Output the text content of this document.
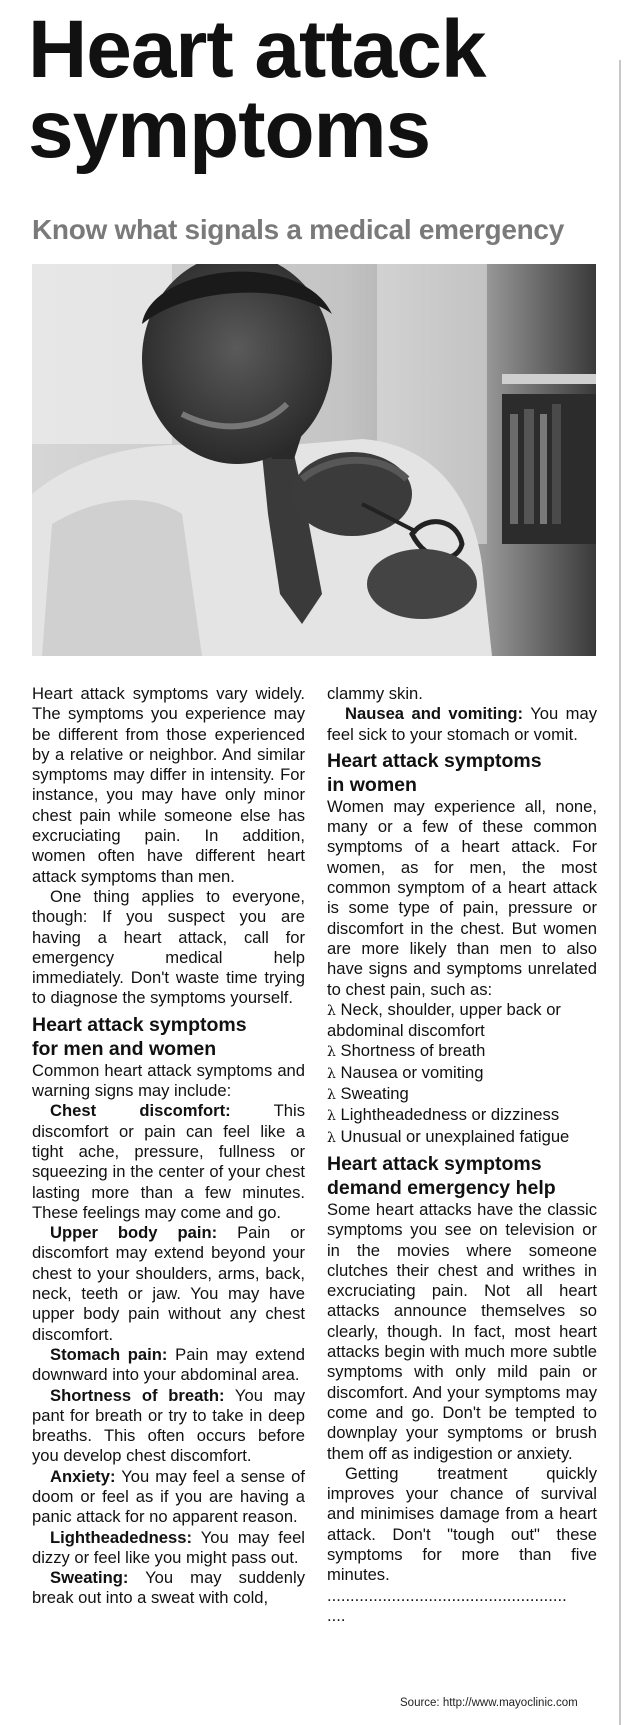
Heart attack
symptoms
Know what signals a medical emergency

Heart attack symptoms vary widely. The symptoms you experience may be different from those experienced by a relative or neighbor. And similar symptoms may differ in intensity. For instance, you may have only minor chest pain while someone else has excruciating pain. In addition, women often have different heart attack symptoms than men.

One thing applies to everyone, though: If you suspect you are having a heart attack, call for emergency medical help immediately. Don't waste time trying to diagnose the symptoms yourself.

Heart attack symptoms
for men and women

Common heart attack symptoms and warning signs may include:

Chest discomfort: This discomfort or pain can feel like a tight ache, pressure, fullness or squeezing in the center of your chest lasting more than a few minutes. These feelings may come and go.

Upper body pain: Pain or discomfort may extend beyond your chest to your shoulders, arms, back, neck, teeth or jaw. You may have upper body pain without any chest discomfort.

Stomach pain: Pain may extend downward into your abdominal area.

Shortness of breath: You may pant for breath or try to take in deep breaths. This often occurs before you develop chest discomfort.

Anxiety: You may feel a sense of doom or feel as if you are having a panic attack for no apparent reason.

Lightheadedness: You may feel dizzy or feel like you might pass out.

Sweating: You may suddenly break out into a sweat with cold,

clammy skin.

Nausea and vomiting: You may feel sick to your stomach or vomit.

Heart attack symptoms
in women

Women may experience all, none, many or a few of these common symptoms of a heart attack. For women, as for men, the most common symptom of a heart attack is some type of pain, pressure or discomfort in the chest. But women are more likely than men to also have signs and symptoms unrelated to chest pain, such as:

λ Neck, shoulder, upper back or abdominal discomfort
λ Shortness of breath
λ Nausea or vomiting
λ Sweating
λ Lightheadedness or dizziness
λ Unusual or unexplained fatigue
Heart attack symptoms
demand emergency help

Some heart attacks have the classic symptoms you see on television or in the movies where someone clutches their chest and writhes in excruciating pain. Not all heart attacks announce themselves so clearly, though. In fact, most heart attacks begin with much more subtle symptoms with only mild pain or discomfort. And your symptoms may come and go. Don't be tempted to downplay your symptoms or brush them off as indigestion or anxiety.

Getting treatment quickly improves your chance of survival and minimises damage from a heart attack. Don't "tough out" these symptoms for more than five minutes.

....................................................

....

Source: http://www.mayoclinic.com
